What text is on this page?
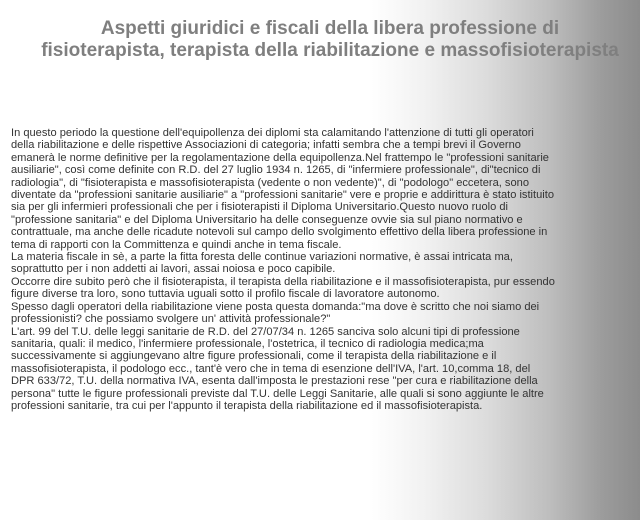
Aspetti giuridici e fiscali della libera professione di fisioterapista, terapista della riabilitazione e massofisioterapista
In questo periodo la questione dell'equipollenza dei diplomi sta calamitando l'attenzione di tutti gli operatori
della riabilitazione e delle rispettive Associazioni di categoria; infatti sembra che a tempi brevi il Governo
emanerà le norme definitive per la regolamentazione della equipollenza.Nel frattempo le "professioni sanitarie
ausiliarie", così come definite con R.D. del 27 luglio 1934 n. 1265, di "infermiere professionale", di"tecnico di
radiologia", di "fisioterapista e massofisioterapista (vedente o non vedente)", di "podologo" eccetera, sono
diventate da "professioni sanitarie ausiliarie" a "professioni sanitarie" vere e proprie e addirittura è stato istituito
sia per gli infermieri professionali che per i fisioterapisti il Diploma Universitario.Questo nuovo ruolo di
"professione sanitaria" e del Diploma Universitario ha delle conseguenze ovvie sia sul piano normativo e
contrattuale, ma anche delle ricadute notevoli sul campo dello svolgimento effettivo della libera professione in
tema di rapporti con la Committenza e quindi anche in tema fiscale.
La materia fiscale in sè, a parte la fitta foresta delle continue variazioni normative, è assai intricata ma,
soprattutto per i non addetti ai lavori, assai noiosa e poco capibile.
Occorre dire subito però che il fisioterapista, il terapista della riabilitazione e il massofisioterapista, pur essendo
figure diverse tra loro, sono tuttavia uguali sotto il profilo fiscale di lavoratore autonomo.
Spesso dagli operatori della riabilitazione viene posta questa domanda:"ma dove è scritto che noi siamo dei
professionisti? che possiamo svolgere un' attività professionale?"
L'art. 99 del T.U. delle leggi sanitarie de R.D. del 27/07/34 n. 1265 sanciva solo alcuni tipi di professione
sanitaria, quali: il medico, l'infermiere professionale, l'ostetrica, il tecnico di radiologia medica;ma
successivamente si aggiungevano altre figure professionali, come il terapista della riabilitazione e il
massofisioterapista, il podologo ecc., tant'è vero che in tema di esenzione dell'IVA, l'art. 10,comma 18, del
DPR 633/72, T.U. della normativa IVA, esenta dall'imposta le prestazioni rese "per cura e riabilitazione della
persona" tutte le figure professionali previste dal T.U. delle Leggi Sanitarie, alle quali si sono aggiunte le altre
professioni sanitarie, tra cui per l'appunto il terapista della riabilitazione ed il massofisioterapista.
